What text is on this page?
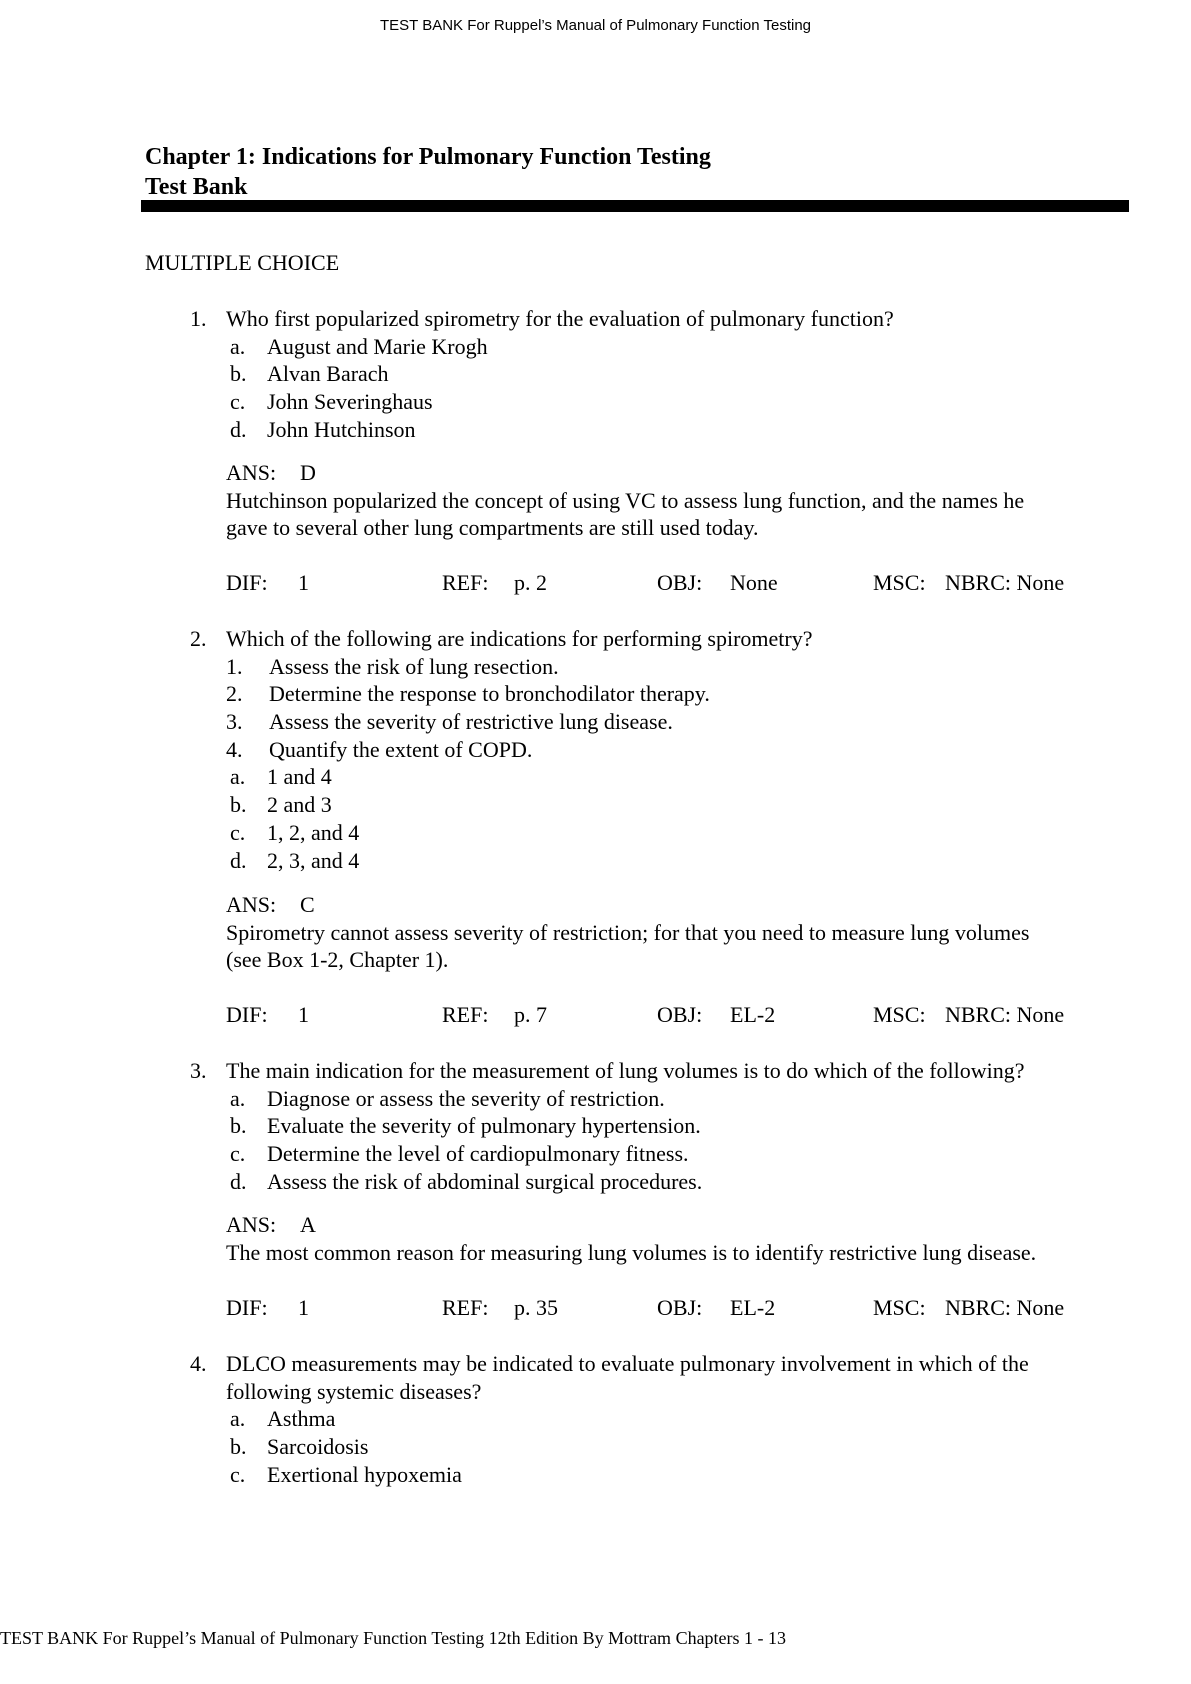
TEST BANK For Ruppel’s Manual of Pulmonary Function Testing
Chapter 1: Indications for Pulmonary Function Testing
Test Bank
MULTIPLE CHOICE
1. Who first popularized spirometry for the evaluation of pulmonary function?
a. August and Marie Krogh
b. Alvan Barach
c. John Severinghaus
d. John Hutchinson
ANS: D
Hutchinson popularized the concept of using VC to assess lung function, and the names he
gave to several other lung compartments are still used today.
DIF: 1	REF: p. 2	OBJ: None	MSC: NBRC: None
2. Which of the following are indications for performing spirometry?
1. Assess the risk of lung resection.
2. Determine the response to bronchodilator therapy.
3. Assess the severity of restrictive lung disease.
4. Quantify the extent of COPD.
a. 1 and 4
b. 2 and 3
c. 1, 2, and 4
d. 2, 3, and 4
ANS: C
Spirometry cannot assess severity of restriction; for that you need to measure lung volumes
(see Box 1-2, Chapter 1).
DIF: 1	REF: p. 7	OBJ: EL-2	MSC: NBRC: None
3. The main indication for the measurement of lung volumes is to do which of the following?
a. Diagnose or assess the severity of restriction.
b. Evaluate the severity of pulmonary hypertension.
c. Determine the level of cardiopulmonary fitness.
d. Assess the risk of abdominal surgical procedures.
ANS: A
The most common reason for measuring lung volumes is to identify restrictive lung disease.
DIF: 1	REF: p. 35	OBJ: EL-2	MSC: NBRC: None
4. DLCO measurements may be indicated to evaluate pulmonary involvement in which of the
following systemic diseases?
a. Asthma
b. Sarcoidosis
c. Exertional hypoxemia
TEST BANK For Ruppel’s Manual of Pulmonary Function Testing 12th Edition By Mottram Chapters 1 - 13
